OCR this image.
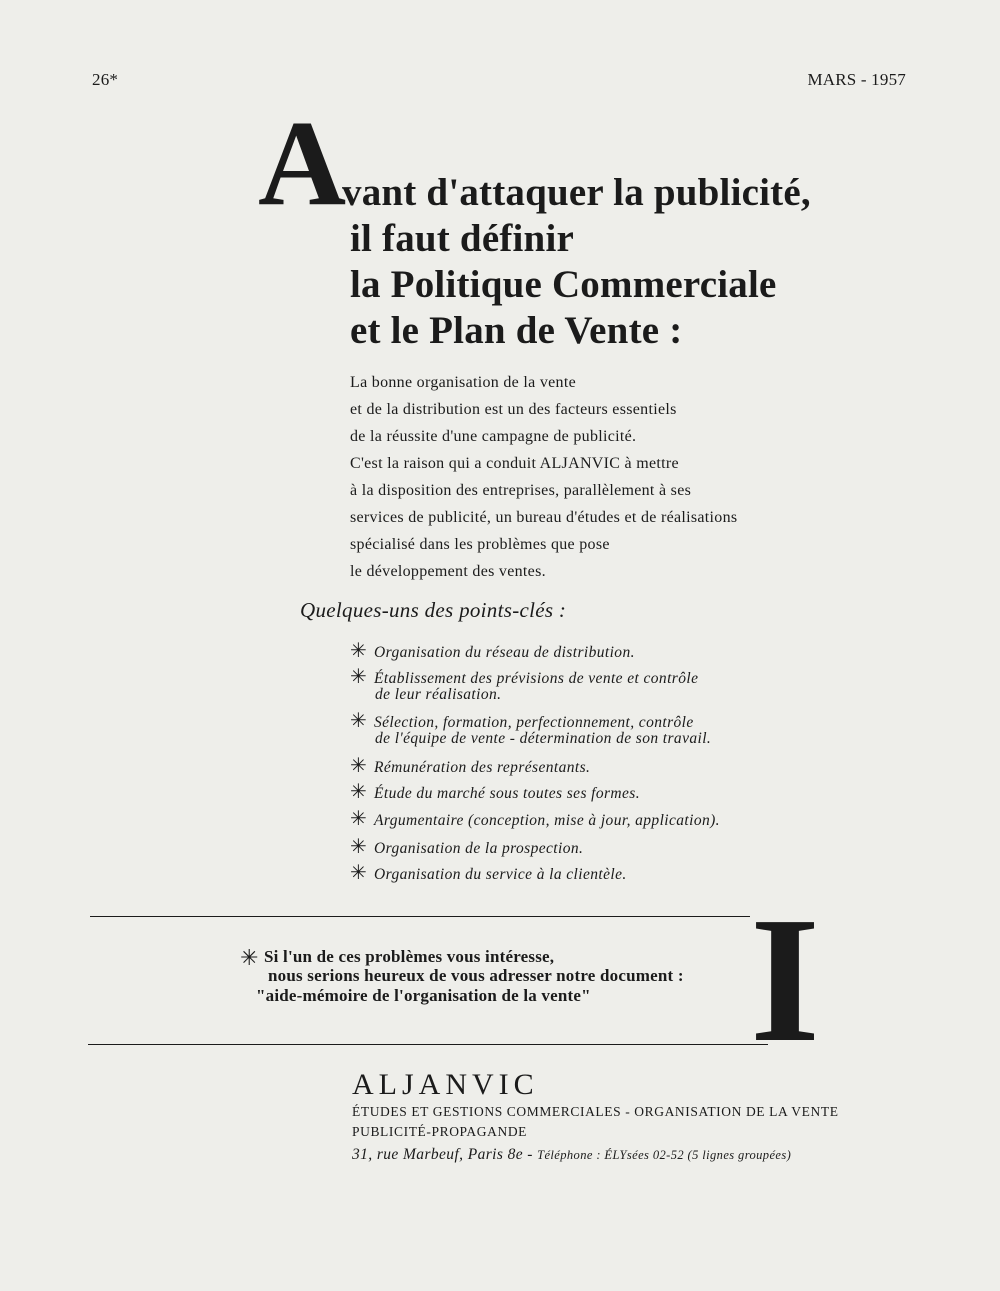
26*	MARS - 1957
A
vant d'attaquer la publicité,
il faut définir
la Politique Commerciale
et le Plan de Vente :
La bonne organisation de la vente
et de la distribution est un des facteurs essentiels
de la réussite d'une campagne de publicité.
C'est la raison qui a conduit ALJANVIC à mettre
à la disposition des entreprises, parallèlement à ses
services de publicité, un bureau d'études et de réalisations
spécialisé dans les problèmes que pose
le développement des ventes.
Quelques-uns des points-clés :
✳ Organisation du réseau de distribution.
✳ Établissement des prévisions de vente et contrôle
de leur réalisation.
✳ Sélection, formation, perfectionnement, contrôle
de l'équipe de vente - détermination de son travail.
✳ Rémunération des représentants.
✳ Étude du marché sous toutes ses formes.
✳ Argumentaire (conception, mise à jour, application).
✳ Organisation de la prospection.
✳ Organisation du service à la clientèle.
I
✳ Si l'un de ces problèmes vous intéresse,
nous serions heureux de vous adresser notre document :
"aide-mémoire de l'organisation de la vente"
ALJANVIC
ÉTUDES ET GESTIONS COMMERCIALES - ORGANISATION DE LA VENTE
PUBLICITÉ-PROPAGANDE
31, rue Marbeuf, Paris 8e - Téléphone : ÉLYsées 02-52 (5 lignes groupées)
